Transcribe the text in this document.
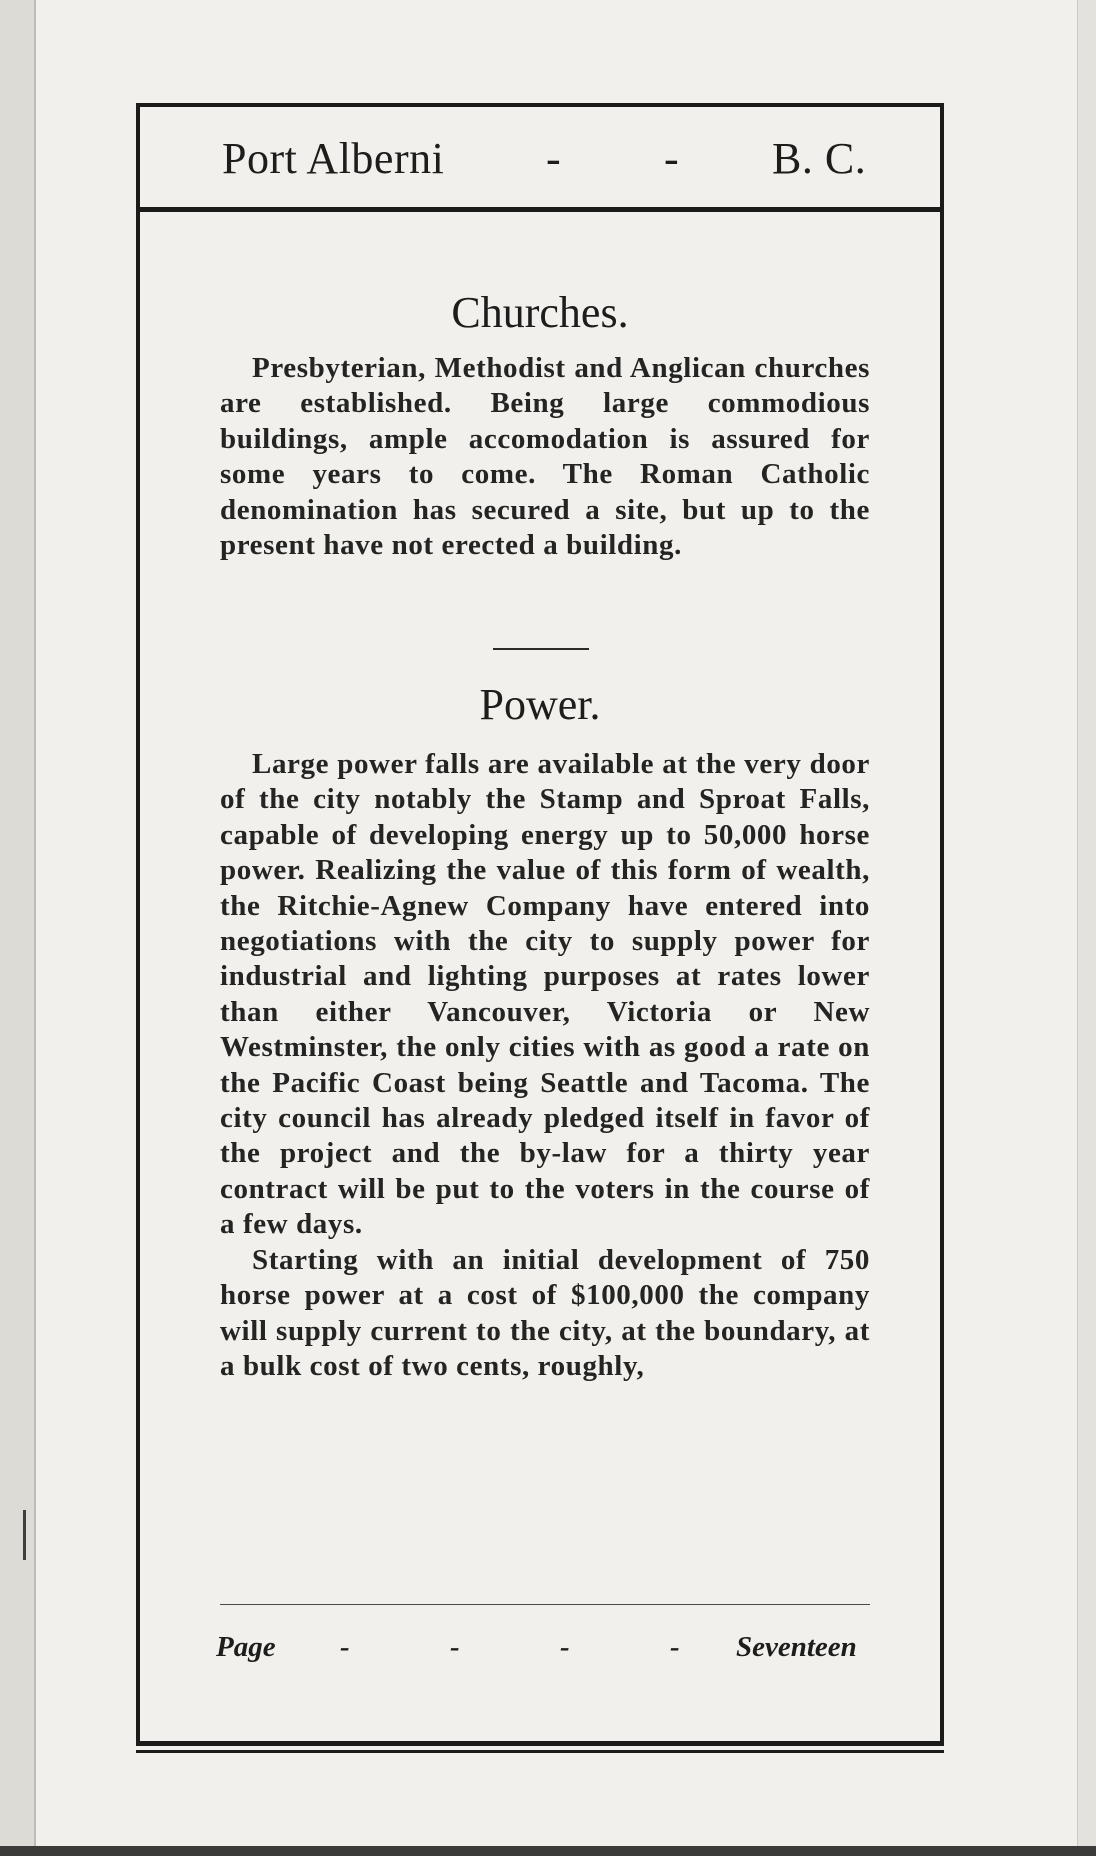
Port Alberni - - B. C.
Churches.

Presbyterian, Methodist and Anglican churches are established. Being large commodious buildings, ample accomodation is assured for some years to come. The Roman Catholic denomination has secured a site, but up to the present have not erected a building.

Power.

Large power falls are available at the very door of the city notably the Stamp and Sproat Falls, capable of developing energy up to 50,000 horse power. Realizing the value of this form of wealth, the Ritchie-Agnew Company have entered into negotiations with the city to supply power for industrial and lighting purposes at rates lower than either Vancouver, Victoria or New Westminster, the only cities with as good a rate on the Pacific Coast being Seattle and Tacoma. The city council has already pledged itself in favor of the project and the by-law for a thirty year contract will be put to the voters in the course of a few days.

Starting with an initial development of 750 horse power at a cost of $100,000 the company will supply current to the city, at the boundary, at a bulk cost of two cents, roughly,

Page -	-	-	- Seventeen
